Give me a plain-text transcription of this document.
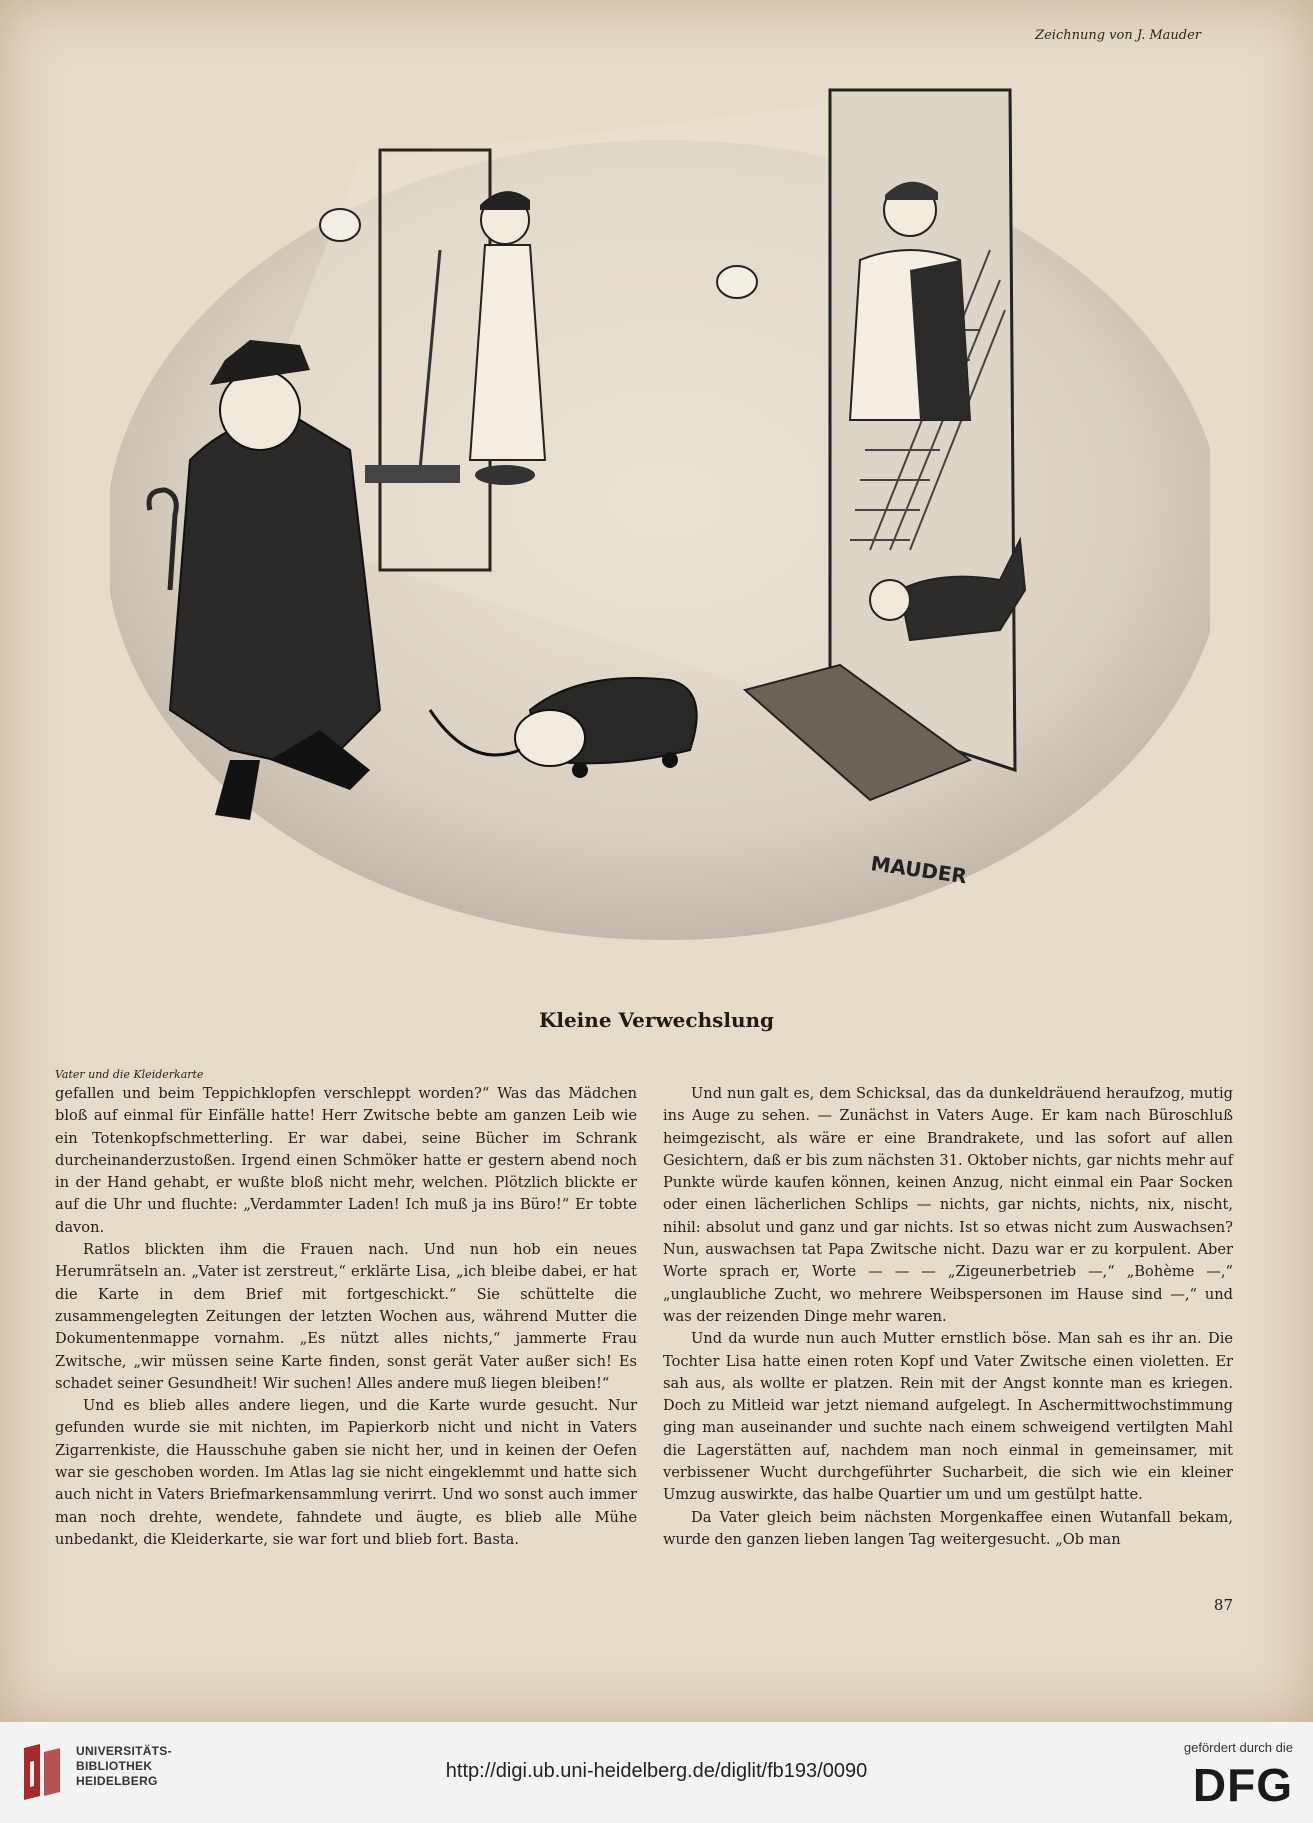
Zeichnung von J. Mauder
MAUDER
Kleine Verwechslung
Vater und die Kleiderkarte

gefallen und beim Teppichklopfen verschleppt worden?“ Was das Mädchen bloß auf einmal für Einfälle hatte! Herr Zwitsche bebte am ganzen Leib wie ein Totenkopfschmetterling. Er war dabei, seine Bücher im Schrank durcheinanderzustoßen. Irgend einen Schmöker hatte er gestern abend noch in der Hand gehabt, er wußte bloß nicht mehr, welchen. Plötzlich blickte er auf die Uhr und fluchte: „Verdammter Laden! Ich muß ja ins Büro!“ Er tobte davon.

Ratlos blickten ihm die Frauen nach. Und nun hob ein neues Herumrätseln an. „Vater ist zerstreut,“ erklärte Lisa, „ich bleibe dabei, er hat die Karte in dem Brief mit fortgeschickt.“ Sie schüttelte die zusammengelegten Zeitungen der letzten Wochen aus, während Mutter die Dokumentenmappe vornahm. „Es nützt alles nichts,“ jammerte Frau Zwitsche, „wir müssen seine Karte finden, sonst gerät Vater außer sich! Es schadet seiner Gesundheit! Wir suchen! Alles andere muß liegen bleiben!“

Und es blieb alles andere liegen, und die Karte wurde gesucht. Nur gefunden wurde sie mit nichten, im Papierkorb nicht und nicht in Vaters Zigarrenkiste, die Hausschuhe gaben sie nicht her, und in keinen der Oefen war sie geschoben worden. Im Atlas lag sie nicht eingeklemmt und hatte sich auch nicht in Vaters Briefmarkensammlung verirrt. Und wo sonst auch immer man noch drehte, wendete, fahndete und äugte, es blieb alle Mühe unbedankt, die Kleiderkarte, sie war fort und blieb fort. Basta.

Und nun galt es, dem Schicksal, das da dunkeldräuend heraufzog, mutig ins Auge zu sehen. — Zunächst in Vaters Auge. Er kam nach Büroschluß heimgezischt, als wäre er eine Brandrakete, und las sofort auf allen Gesichtern, daß er bis zum nächsten 31. Oktober nichts, gar nichts mehr auf Punkte würde kaufen können, keinen Anzug, nicht einmal ein Paar Socken oder einen lächerlichen Schlips — nichts, gar nichts, nichts, nix, nischt, nihil: absolut und ganz und gar nichts. Ist so etwas nicht zum Auswachsen? Nun, auswachsen tat Papa Zwitsche nicht. Dazu war er zu korpulent. Aber Worte sprach er, Worte — — — „Zigeunerbetrieb —,“ „Bohème —,“ „unglaubliche Zucht, wo mehrere Weibspersonen im Hause sind —,“ und was der reizenden Dinge mehr waren.

Und da wurde nun auch Mutter ernstlich böse. Man sah es ihr an. Die Tochter Lisa hatte einen roten Kopf und Vater Zwitsche einen violetten. Er sah aus, als wollte er platzen. Rein mit der Angst konnte man es kriegen. Doch zu Mitleid war jetzt niemand aufgelegt. In Aschermittwochstimmung ging man auseinander und suchte nach einem schweigend vertilgten Mahl die Lagerstätten auf, nachdem man noch einmal in gemeinsamer, mit verbissener Wucht durchgeführter Sucharbeit, die sich wie ein kleiner Umzug auswirkte, das halbe Quartier um und um gestülpt hatte.

Da Vater gleich beim nächsten Morgenkaffee einen Wutanfall bekam, wurde den ganzen lieben langen Tag weitergesucht. „Ob man

87
UNIVERSITÄTS-
BIBLIOTHEK
HEIDELBERG	http://digi.ub.uni-heidelberg.de/diglit/fb193/0090
gefördert durch die
DFG
